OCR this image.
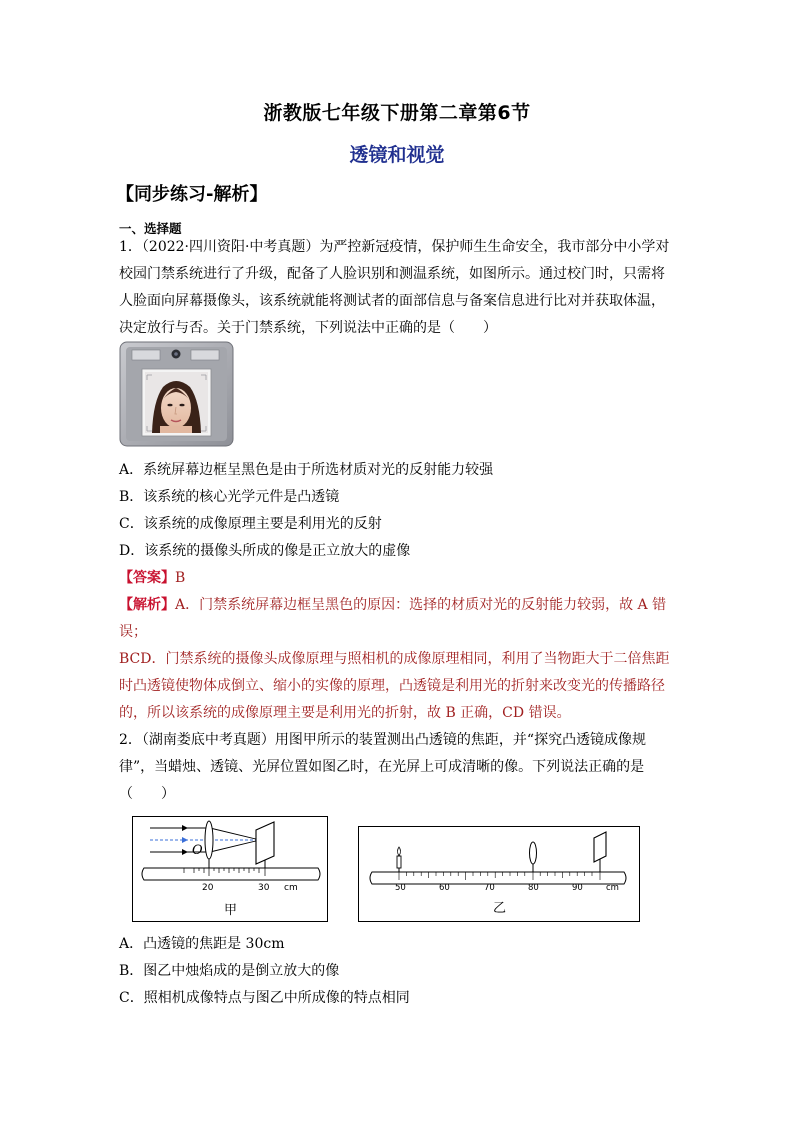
浙教版七年级下册第二章第6节
透镜和视觉
【同步练习-解析】
一、选择题
1．（2022·四川资阳·中考真题）为严控新冠疫情，保护师生生命安全，我市部分中小学对
校园门禁系统进行了升级，配备了人脸识别和测温系统，如图所示。通过校门时，只需将
人脸面向屏幕摄像头，该系统就能将测试者的面部信息与备案信息进行比对并获取体温，
决定放行与否。关于门禁系统，下列说法中正确的是（　　）
A．系统屏幕边框呈黑色是由于所选材质对光的反射能力较强
B．该系统的核心光学元件是凸透镜
C．该系统的成像原理主要是利用光的反射
D．该系统的摄像头所成的像是正立放大的虚像
【答案】B
【解析】A．门禁系统屏幕边框呈黑色的原因：选择的材质对光的反射能力较弱，故 A 错
误；
BCD．门禁系统的摄像头成像原理与照相机的成像原理相同，利用了当物距大于二倍焦距
时凸透镜使物体成倒立、缩小的实像的原理，凸透镜是利用光的折射来改变光的传播路径
的，所以该系统的成像原理主要是利用光的折射，故 B 正确，CD 错误。
2．（湖南娄底中考真题）用图甲所示的装置测出凸透镜的焦距，并“探究凸透镜成像规
律”，当蜡烛、透镜、光屏位置如图乙时，在光屏上可成清晰的像。下列说法正确的是
（　　）
O
20	30 cm
甲
50	60	70	80	90	cm
乙
A．凸透镜的焦距是 30cm
B．图乙中烛焰成的是倒立放大的像
C．照相机成像特点与图乙中所成像的特点相同
